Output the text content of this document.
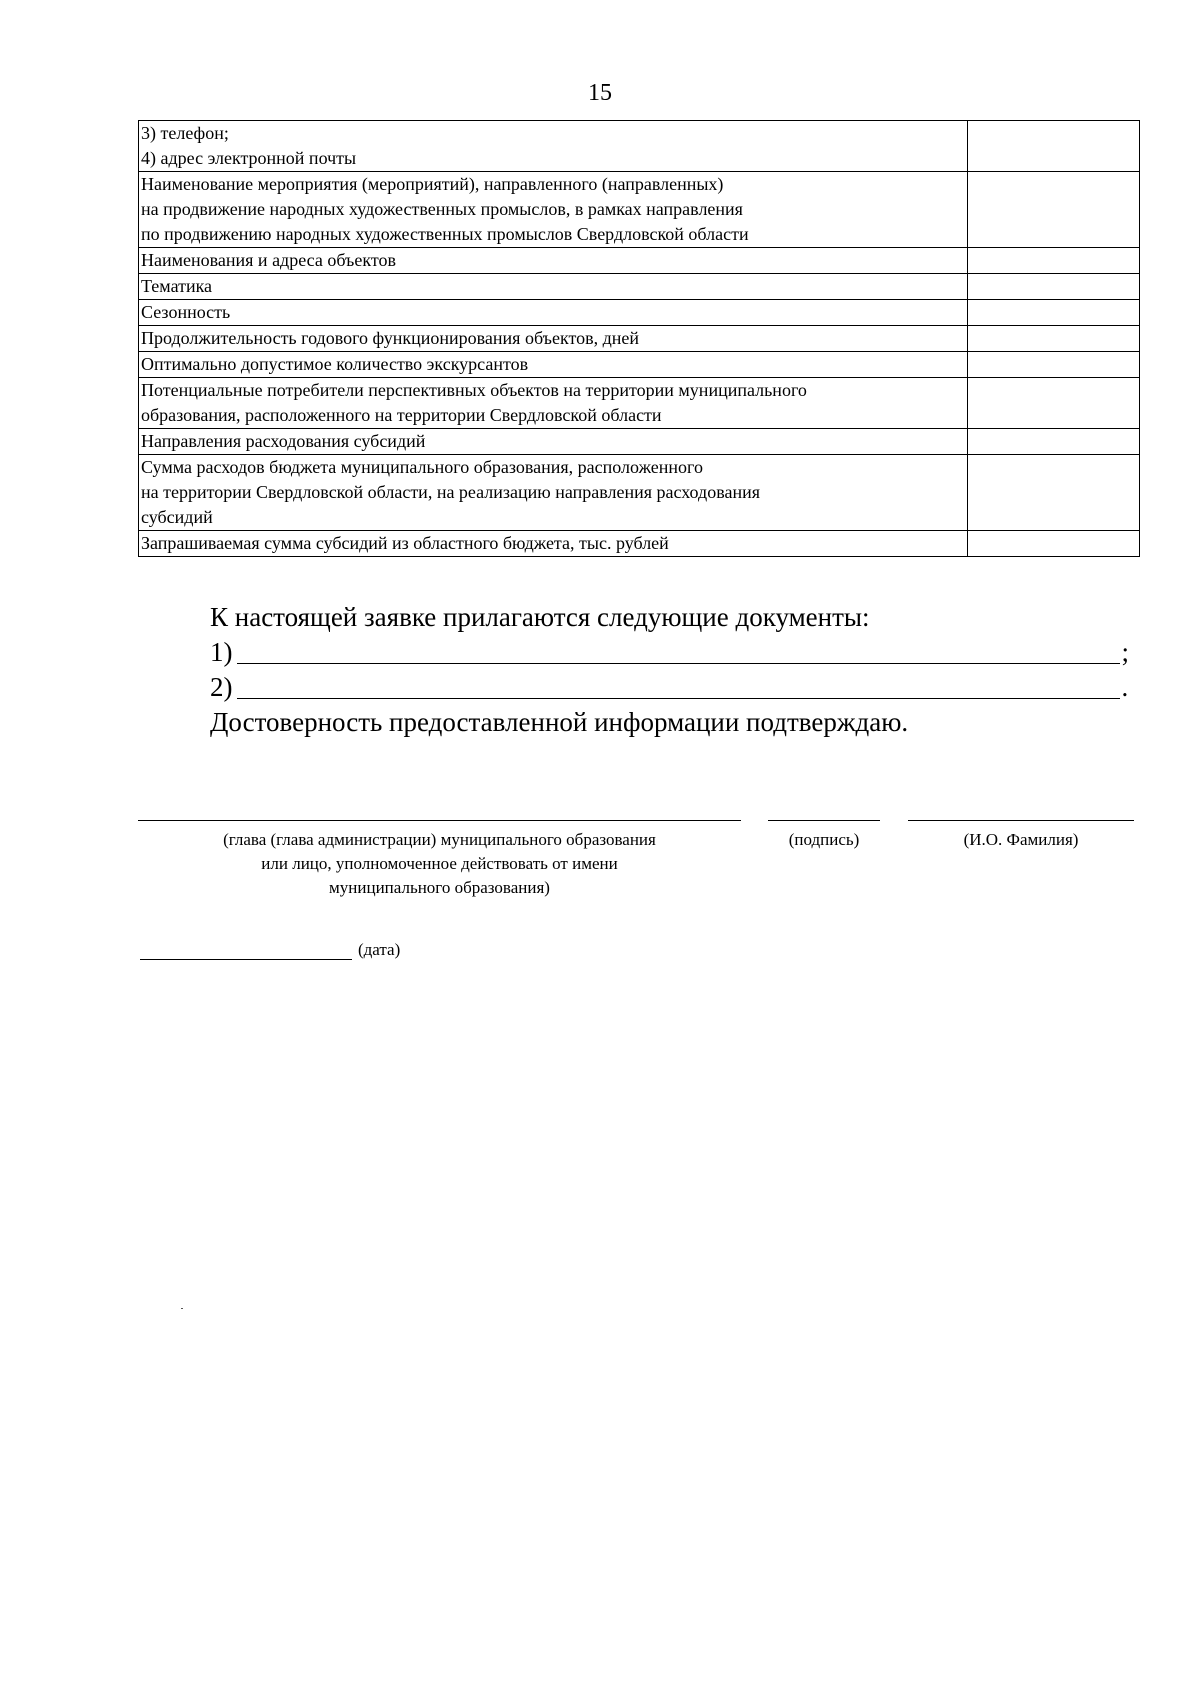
15
3) телефон;
4) адрес электронной почты	

Наименование мероприятия (мероприятий), направленного (направленных)
на продвижение народных художественных промыслов, в рамках направления
по продвижению народных художественных промыслов Свердловской области	

Наименования и адреса объектов	

Тематика	

Сезонность	

Продолжительность годового функционирования объектов, дней	

Оптимально допустимое количество экскурсантов	

Потенциальные потребители перспективных объектов на территории муниципального
образования, расположенного на территории Свердловской области	

Направления расходования субсидий	

Сумма расходов бюджета муниципального образования, расположенного
на территории Свердловской области, на реализацию направления расходования
субсидий	

Запрашиваемая сумма субсидий из областного бюджета, тыс. рублей	

К настоящей заявке прилагаются следующие документы:
1)	;
2)	.
Достоверность предоставленной информации подтверждаю.
(глава (глава администрации) муниципального образования
или лицо, уполномоченное действовать от имени
муниципального образования)
(подпись)	(И.О. Фамилия)
(дата)
